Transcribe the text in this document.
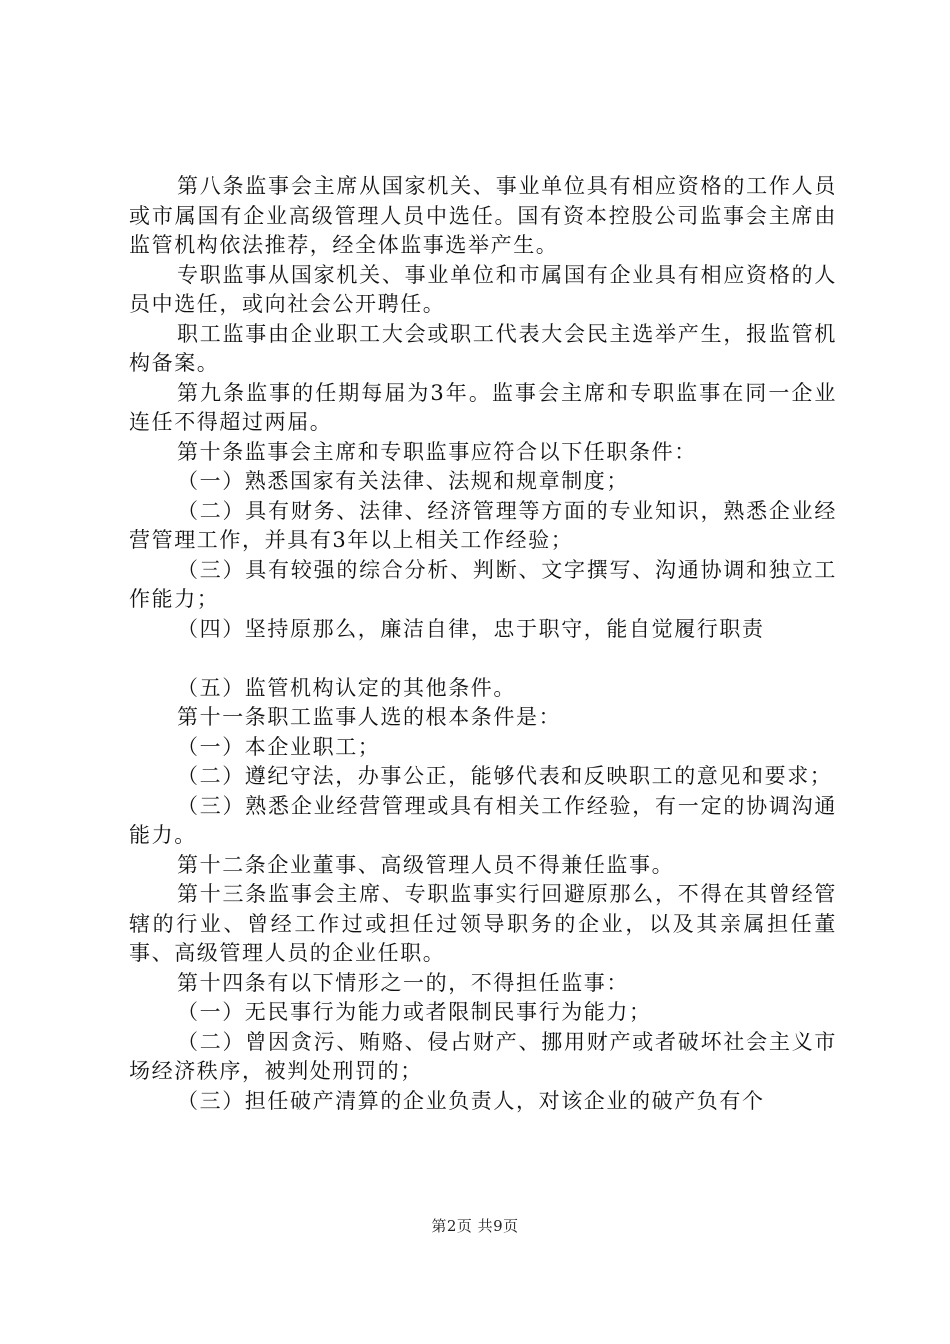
第八条监事会主席从国家机关、事业单位具有相应资格的工作人员或市属国有企业高级管理人员中选任。国有资本控股公司监事会主席由监管机构依法推荐，经全体监事选举产生。

专职监事从国家机关、事业单位和市属国有企业具有相应资格的人员中选任，或向社会公开聘任。

职工监事由企业职工大会或职工代表大会民主选举产生，报监管机构备案。

第九条监事的任期每届为3年。监事会主席和专职监事在同一企业连任不得超过两届。

第十条监事会主席和专职监事应符合以下任职条件：

（一）熟悉国家有关法律、法规和规章制度；

（二）具有财务、法律、经济管理等方面的专业知识，熟悉企业经营管理工作，并具有3年以上相关工作经验；

（三）具有较强的综合分析、判断、文字撰写、沟通协调和独立工作能力；

（四）坚持原那么，廉洁自律，忠于职守，能自觉履行职责

（五）监管机构认定的其他条件。

第十一条职工监事人选的根本条件是：

（一）本企业职工；

（二）遵纪守法，办事公正，能够代表和反映职工的意见和要求；

（三）熟悉企业经营管理或具有相关工作经验，有一定的协调沟通能力。

第十二条企业董事、高级管理人员不得兼任监事。

第十三条监事会主席、专职监事实行回避原那么，不得在其曾经管辖的行业、曾经工作过或担任过领导职务的企业，以及其亲属担任董事、高级管理人员的企业任职。

第十四条有以下情形之一的，不得担任监事：

（一）无民事行为能力或者限制民事行为能力；

（二）曾因贪污、贿赂、侵占财产、挪用财产或者破坏社会主义市场经济秩序，被判处刑罚的；

（三）担任破产清算的企业负责人，对该企业的破产负有个

第2页 共9页
